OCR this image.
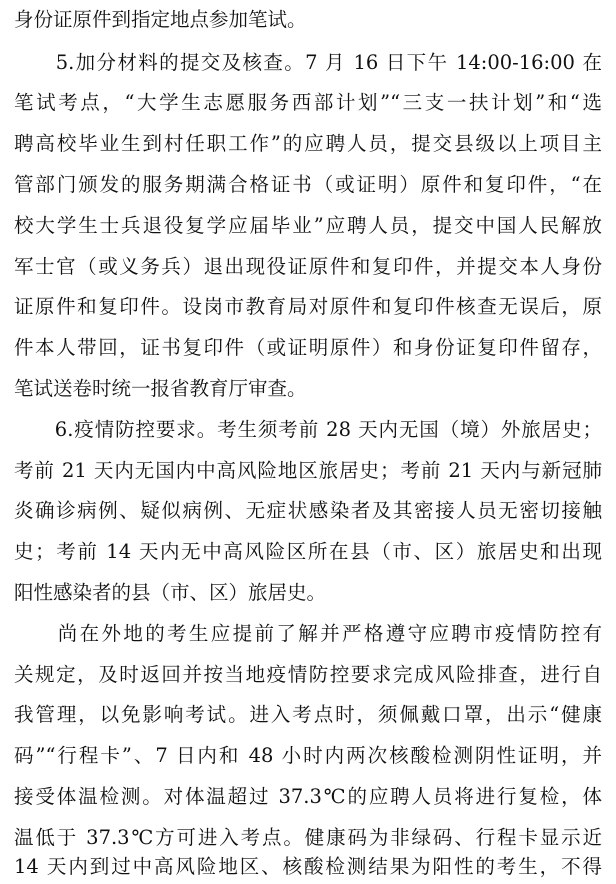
身份证原件到指定地点参加笔试。
　　5.加分材料的提交及核查。7 月 16 日下午 14:00-16:00 在
笔试考点，“大学生志愿服务西部计划”“三支一扶计划”和“选
聘高校毕业生到村任职工作”的应聘人员，提交县级以上项目主
管部门颁发的服务期满合格证书（或证明）原件和复印件，“在
校大学生士兵退役复学应届毕业”应聘人员，提交中国人民解放
军士官（或义务兵）退出现役证原件和复印件，并提交本人身份
证原件和复印件。设岗市教育局对原件和复印件核查无误后，原
件本人带回，证书复印件（或证明原件）和身份证复印件留存，
笔试送卷时统一报省教育厅审查。
　　6.疫情防控要求。考生须考前 28 天内无国（境）外旅居史；
考前 21 天内无国内中高风险地区旅居史；考前 21 天内与新冠肺
炎确诊病例、疑似病例、无症状感染者及其密接人员无密切接触
史；考前 14 天内无中高风险区所在县（市、区）旅居史和出现
阳性感染者的县（市、区）旅居史。
　　尚在外地的考生应提前了解并严格遵守应聘市疫情防控有
关规定，及时返回并按当地疫情防控要求完成风险排查，进行自
我管理，以免影响考试。进入考点时，须佩戴口罩，出示“健康
码”“行程卡”、7 日内和 48 小时内两次核酸检测阴性证明，并
接受体温检测。对体温超过 37.3℃的应聘人员将进行复检，体
温低于 37.3℃方可进入考点。健康码为非绿码、行程卡显示近
14 天内到过中高风险地区、核酸检测结果为阳性的考生，不得
